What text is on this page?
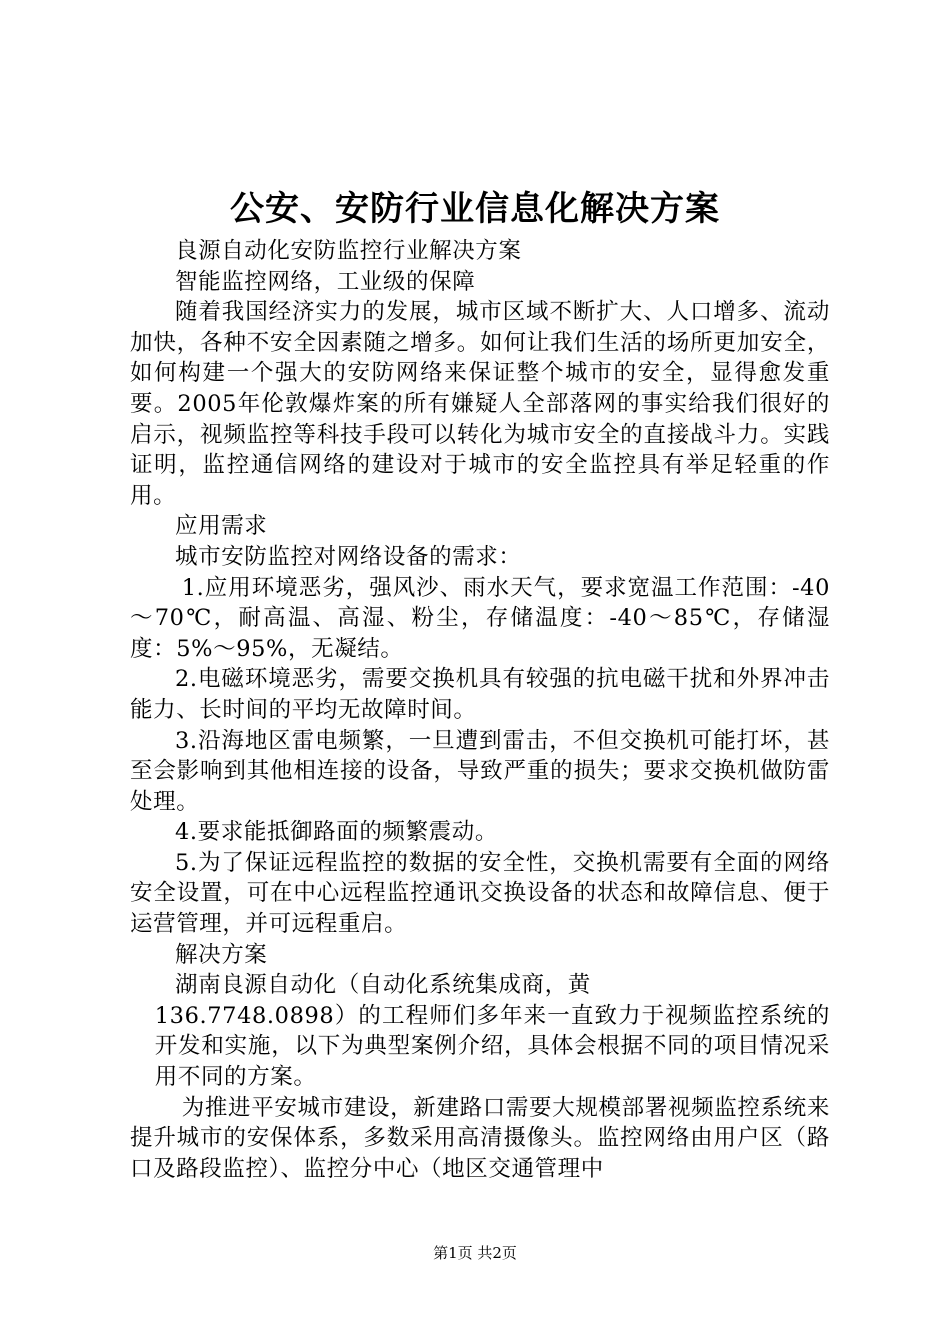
公安、安防行业信息化解决方案

良源自动化安防监控行业解决方案

智能监控网络，工业级的保障

随着我国经济实力的发展，城市区域不断扩大、人口增多、流动加快，各种不安全因素随之增多。如何让我们生活的场所更加安全，如何构建一个强大的安防网络来保证整个城市的安全，显得愈发重要。2005年伦敦爆炸案的所有嫌疑人全部落网的事实给我们很好的启示，视频监控等科技手段可以转化为城市安全的直接战斗力。实践证明，监控通信网络的建设对于城市的安全监控具有举足轻重的作用。

应用需求

城市安防监控对网络设备的需求：

1.应用环境恶劣，强风沙、雨水天气，要求宽温工作范围：-40～70℃，耐高温、高湿、粉尘，存储温度：-40～85℃，存储湿度：5%～95%，无凝结。

2.电磁环境恶劣，需要交换机具有较强的抗电磁干扰和外界冲击能力、长时间的平均无故障时间。

3.沿海地区雷电频繁，一旦遭到雷击，不但交换机可能打坏，甚至会影响到其他相连接的设备，导致严重的损失；要求交换机做防雷处理。

4.要求能抵御路面的频繁震动。

5.为了保证远程监控的数据的安全性，交换机需要有全面的网络安全设置，可在中心远程监控通讯交换设备的状态和故障信息、便于运营管理，并可远程重启。

解决方案

湖南良源自动化（自动化系统集成商，黄

136.7748.0898）的工程师们多年来一直致力于视频监控系统的开发和实施，以下为典型案例介绍，具体会根据不同的项目情况采用不同的方案。

为推进平安城市建设，新建路口需要大规模部署视频监控系统来提升城市的安保体系，多数采用高清摄像头。监控网络由用户区（路口及路段监控）、监控分中心（地区交通管理中

第1页 共2页
